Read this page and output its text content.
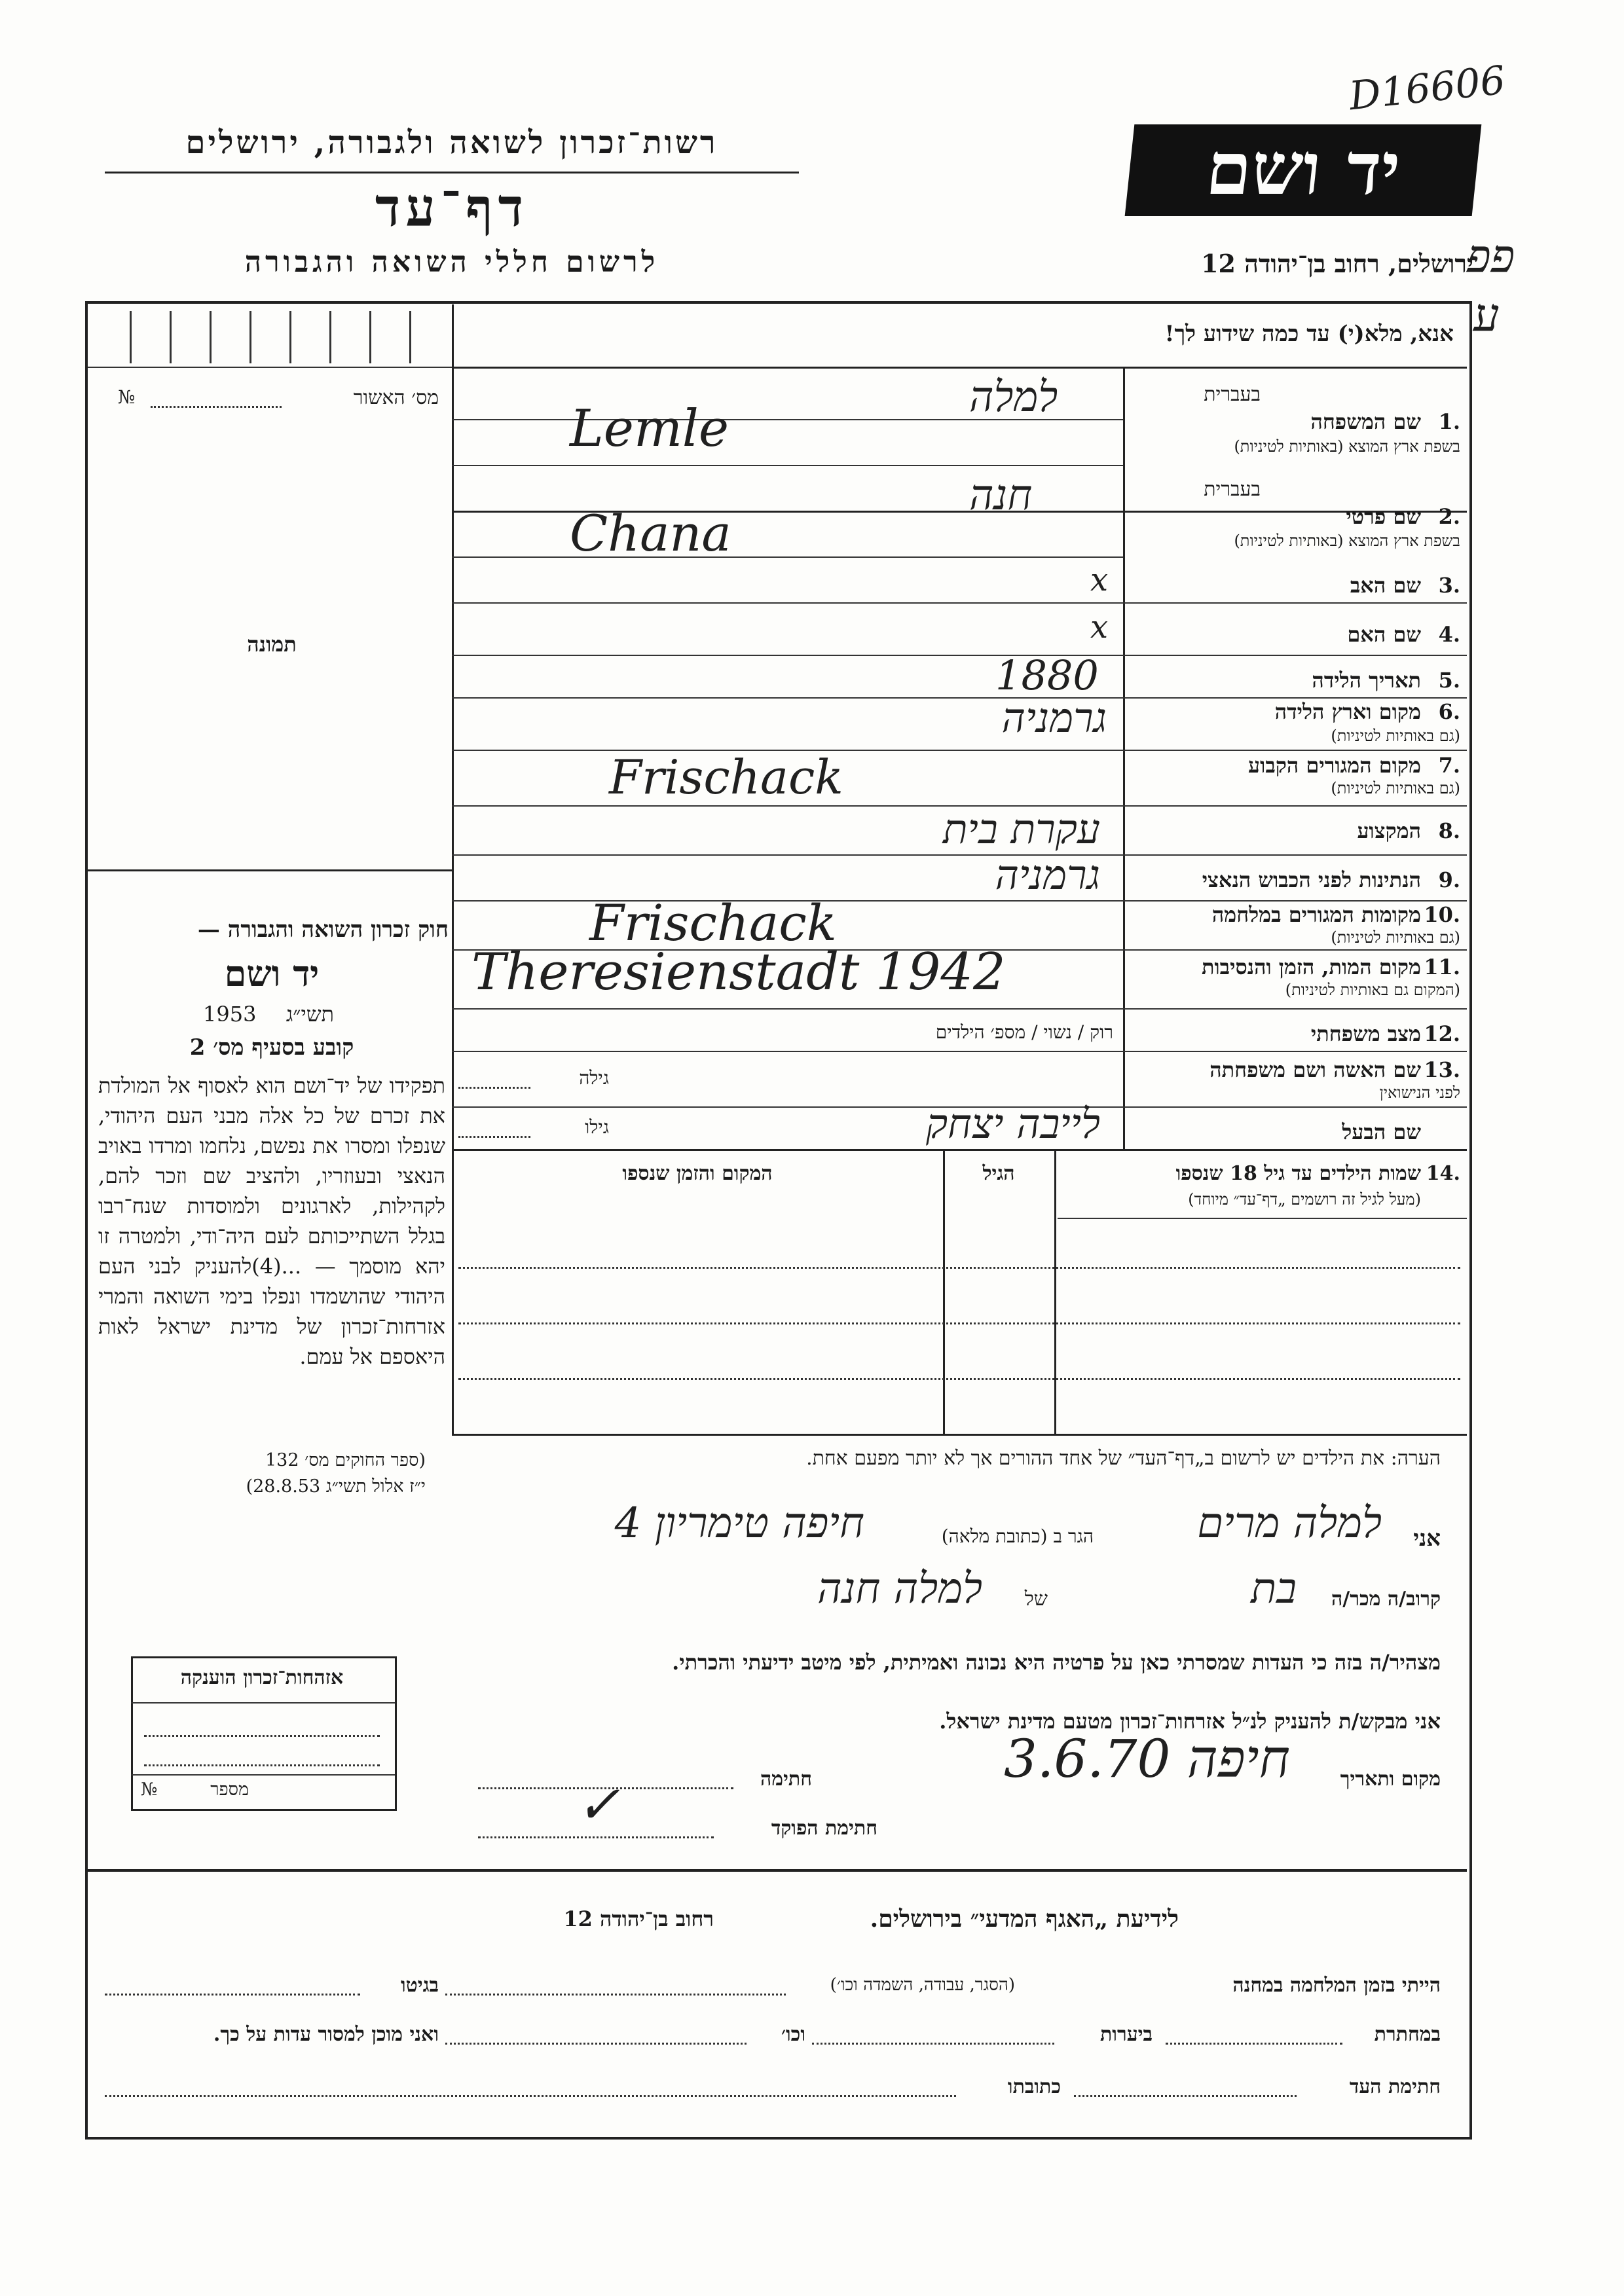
D16606
פפ
ע
יד ושם
ירושלים, רחוב בן־יהודה 12
רשות־זכרון לשואה ולגבורה, ירושלים
דף־עד
לרשום חללי השואה והגבורה
מס׳ האשור
№
תמונה
חוק זכרון השואה והגבורה —
יד ושם
תשי״ג
1953
קובע בסעיף מס׳ 2
תפקידו של יד־ושם הוא לאסוף אל המולדת את זכרם של כל אלה מבני העם היהודי, שנפלו ומסרו את נפשם, נלחמו ומרדו באויב הנאצי ובעוזריו, ולהציב שם וזכר להם, לקהילות, לארגונים ולמוסדות שנח־רבו בגלל השתייכותם לעם היה־ודי, ולמטרה זו יהא מוסמך — ...(4)להעניק לבני העם היהודי שהושמדו ונפלו בימי השואה והמרי אזרחות־זכרון של מדינת ישראל לאות היאספם אל עמם.
(ספר החוקים מס׳ 132
י״ז אלול תשי״ג 28.8.53)
אזהחות־זכרון הוענקה
מספר
№
אנא, מלא(י) עד כמה שידוע לך!
בעברית
1.
שם המשפחה
בשפת ארץ המוצא (באותיות לטיניות)
למלה
Lemle
בעברית
2.
שם פרטי
בשפת ארץ המוצא (באותיות לטיניות)
חנה
Chana
3.
שם האב
x
4.
שם האם
x
5.
תאריך הלידה
1880
6.
מקום וארץ הלידה
(גם באותיות לטיניות)
גרמניה
7.
מקום המגורים הקבוע
(גם באותיות לטיניות)
Frischack
8.
המקצוע
עקרת בית
9.
הנתינות לפני הכבוש הנאצי
גרמניה
10.
מקומות המגורים במלחמה
(גם באותיות לטיניות)
Frischack
11.
מקום המות, הזמן והנסיבות
(המקום גם באותיות לטיניות)
Theresienstadt 1942
12.
מצב משפחתי
רוק / נשוי / מספ׳ הילדים
13.
שם האשה ושם משפחתה
לפני הנישואין
גילה
שם הבעל
לייבה יצחק
גילו
14.
שמות הילדים עד גיל 18 שנספו
(מעל לגיל זה רושמים „דף־עד״ מיוחד)
הגיל
המקום והזמן שנספו
הערה: את הילדים יש לרשום ב„דף־העד״ של אחד ההורים אך לא יותר מפעם אחת.
אני
למלה מרים
הגר ב (כתובת מלאה)
חיפה טימריון 4
קרוב/ה מכר/ה
בת
של
למלה חנה
מצהיר/ה בזה כי העדות שמסרתי כאן על פרטיה היא נכונה ואמיתית, לפי מיטב ידיעתי והכרתי.
אני מבקש/ת להעניק לנ״ל אזרחות־זכרון מטעם מדינת ישראל.
מקום ותאריך
חיפה 3.6.70
חתימה
חתימת הפוקד
✓
לידיעת „האגף המדעי״ בירושלים.
רחוב בן־יהודה 12
הייתי בזמן המלחמה במחנה
(הסגר, עבודה, השמדה וכו׳)
בגיטו
במחתרת
ביערות
וכו׳
ואני מוכן למסור עדות על כך.
חתימת העד
כתובתו
